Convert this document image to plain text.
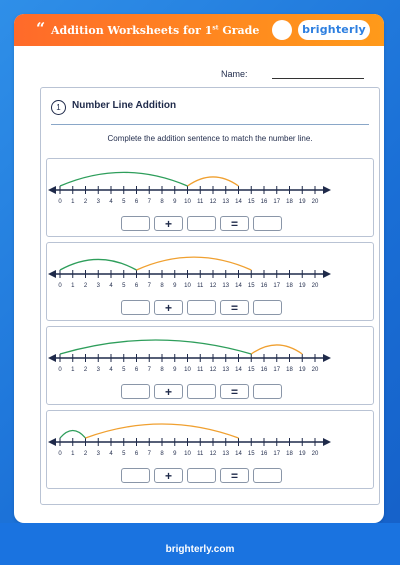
“ Addition Worksheets for 1st Grade	brighterly
Name:
1	Number Line Addition
Complete the addition sentence to match the number line.
0 1 2 3 4 5 6 7 8 9 10 11 12 13 14 15 16 17 18 19 20
+	=
0 1 2 3 4 5 6 7 8 9 10 11 12 13 14 15 16 17 18 19 20
+	=
0 1 2 3 4 5 6 7 8 9 10 11 12 13 14 15 16 17 18 19 20
+	=
0 1 2 3 4 5 6 7 8 9 10 11 12 13 14 15 16 17 18 19 20
+	=
brighterly.com
